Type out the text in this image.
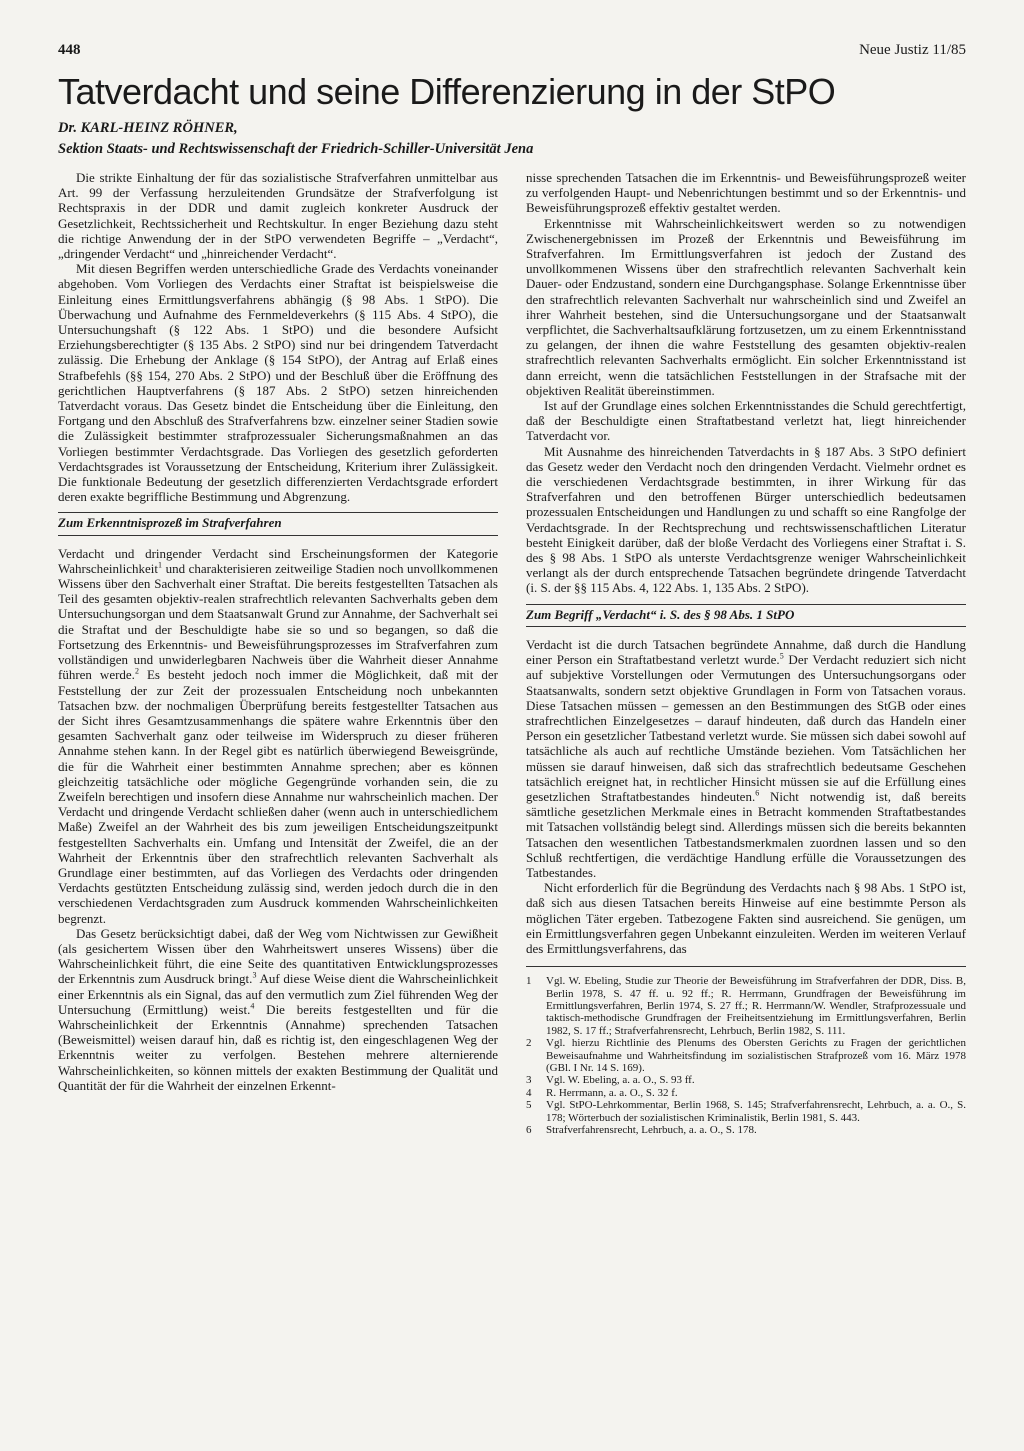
448	Neue Justiz 11/85
Tatverdacht und seine Differenzierung in der StPO
Dr. KARL-HEINZ RÖHNER,
Sektion Staats- und Rechtswissenschaft der Friedrich-Schiller-Universität Jena

Die strikte Einhaltung der für das sozialistische Strafverfahren unmittelbar aus Art. 99 der Verfassung herzuleitenden Grundsätze der Strafverfolgung ist Rechtspraxis in der DDR und damit zugleich konkreter Ausdruck der Gesetzlichkeit, Rechtssicherheit und Rechtskultur. In enger Beziehung dazu steht die richtige Anwendung der in der StPO verwendeten Begriffe – „Verdacht“, „dringender Verdacht“ und „hinreichender Verdacht“.

Mit diesen Begriffen werden unterschiedliche Grade des Verdachts voneinander abgehoben. Vom Vorliegen des Verdachts einer Straftat ist beispielsweise die Einleitung eines Ermittlungsverfahrens abhängig (§ 98 Abs. 1 StPO). Die Überwachung und Aufnahme des Fernmeldeverkehrs (§ 115 Abs. 4 StPO), die Untersuchungshaft (§ 122 Abs. 1 StPO) und die besondere Aufsicht Erziehungsberechtigter (§ 135 Abs. 2 StPO) sind nur bei dringendem Tatverdacht zulässig. Die Erhebung der Anklage (§ 154 StPO), der Antrag auf Erlaß eines Strafbefehls (§§ 154, 270 Abs. 2 StPO) und der Beschluß über die Eröffnung des gerichtlichen Hauptverfahrens (§ 187 Abs. 2 StPO) setzen hinreichenden Tatverdacht voraus. Das Gesetz bindet die Entscheidung über die Einleitung, den Fortgang und den Abschluß des Strafverfahrens bzw. einzelner seiner Stadien sowie die Zulässigkeit bestimmter strafprozessualer Sicherungsmaßnahmen an das Vorliegen bestimmter Verdachtsgrade. Das Vorliegen des gesetzlich geforderten Verdachtsgrades ist Voraussetzung der Entscheidung, Kriterium ihrer Zulässigkeit. Die funktionale Bedeutung der gesetzlich differenzierten Verdachtsgrade erfordert deren exakte begriffliche Bestimmung und Abgrenzung.

Zum Erkenntnisprozeß im Strafverfahren

Verdacht und dringender Verdacht sind Erscheinungsformen der Kategorie Wahrscheinlichkeit$^1$ und charakterisieren zeitweilige Stadien noch unvollkommenen Wissens über den Sachverhalt einer Straftat. Die bereits festgestellten Tatsachen als Teil des gesamten objektiv-realen strafrechtlich relevanten Sachverhalts geben dem Untersuchungsorgan und dem Staatsanwalt Grund zur Annahme, der Sachverhalt sei die Straftat und der Beschuldigte habe sie so und so begangen, so daß die Fortsetzung des Erkenntnis- und Beweisführungsprozesses im Strafverfahren zum vollständigen und unwiderlegbaren Nachweis über die Wahrheit dieser Annahme führen werde.$^2$ Es besteht jedoch noch immer die Möglichkeit, daß mit der Feststellung der zur Zeit der prozessualen Entscheidung noch unbekannten Tatsachen bzw. der nochmaligen Überprüfung bereits festgestellter Tatsachen aus der Sicht ihres Gesamtzusammenhangs die spätere wahre Erkenntnis über den gesamten Sachverhalt ganz oder teilweise im Widerspruch zu dieser früheren Annahme stehen kann. In der Regel gibt es natürlich überwiegend Beweisgründe, die für die Wahrheit einer bestimmten Annahme sprechen; aber es können gleichzeitig tatsächliche oder mögliche Gegengründe vorhanden sein, die zu Zweifeln berechtigen und insofern diese Annahme nur wahrscheinlich machen. Der Verdacht und dringende Verdacht schließen daher (wenn auch in unterschiedlichem Maße) Zweifel an der Wahrheit des bis zum jeweiligen Entscheidungszeitpunkt festgestellten Sachverhalts ein. Umfang und Intensität der Zweifel, die an der Wahrheit der Erkenntnis über den strafrechtlich relevanten Sachverhalt als Grundlage einer bestimmten, auf das Vorliegen des Verdachts oder dringenden Verdachts gestützten Entscheidung zulässig sind, werden jedoch durch die in den verschiedenen Verdachtsgraden zum Ausdruck kommenden Wahrscheinlichkeiten begrenzt.

Das Gesetz berücksichtigt dabei, daß der Weg vom Nichtwissen zur Gewißheit (als gesichertem Wissen über den Wahrheitswert unseres Wissens) über die Wahrscheinlichkeit führt, die eine Seite des quantitativen Entwicklungsprozesses der Erkenntnis zum Ausdruck bringt.$^3$ Auf diese Weise dient die Wahrscheinlichkeit einer Erkenntnis als ein Signal, das auf den vermutlich zum Ziel führenden Weg der Untersuchung (Ermittlung) weist.$^4$ Die bereits festgestellten und für die Wahrscheinlichkeit der Erkenntnis (Annahme) sprechenden Tatsachen (Beweismittel) weisen darauf hin, daß es richtig ist, den eingeschlagenen Weg der Erkenntnis weiter zu verfolgen. Bestehen mehrere alternierende Wahrscheinlichkeiten, so können mittels der exakten Bestimmung der Qualität und Quantität der für die Wahrheit der einzelnen Erkennt-

nisse sprechenden Tatsachen die im Erkenntnis- und Beweisführungsprozeß weiter zu verfolgenden Haupt- und Nebenrichtungen bestimmt und so der Erkenntnis- und Beweisführungsprozeß effektiv gestaltet werden.

Erkenntnisse mit Wahrscheinlichkeitswert werden so zu notwendigen Zwischenergebnissen im Prozeß der Erkenntnis und Beweisführung im Strafverfahren. Im Ermittlungsverfahren ist jedoch der Zustand des unvollkommenen Wissens über den strafrechtlich relevanten Sachverhalt kein Dauer- oder Endzustand, sondern eine Durchgangsphase. Solange Erkenntnisse über den strafrechtlich relevanten Sachverhalt nur wahrscheinlich sind und Zweifel an ihrer Wahrheit bestehen, sind die Untersuchungsorgane und der Staatsanwalt verpflichtet, die Sachverhaltsaufklärung fortzusetzen, um zu einem Erkenntnisstand zu gelangen, der ihnen die wahre Feststellung des gesamten objektiv-realen strafrechtlich relevanten Sachverhalts ermöglicht. Ein solcher Erkenntnisstand ist dann erreicht, wenn die tatsächlichen Feststellungen in der Strafsache mit der objektiven Realität übereinstimmen.

Ist auf der Grundlage eines solchen Erkenntnisstandes die Schuld gerechtfertigt, daß der Beschuldigte einen Straftatbestand verletzt hat, liegt hinreichender Tatverdacht vor.

Mit Ausnahme des hinreichenden Tatverdachts in § 187 Abs. 3 StPO definiert das Gesetz weder den Verdacht noch den dringenden Verdacht. Vielmehr ordnet es die verschiedenen Verdachtsgrade bestimmten, in ihrer Wirkung für das Strafverfahren und den betroffenen Bürger unterschiedlich bedeutsamen prozessualen Entscheidungen und Handlungen zu und schafft so eine Rangfolge der Verdachtsgrade. In der Rechtsprechung und rechtswissenschaftlichen Literatur besteht Einigkeit darüber, daß der bloße Verdacht des Vorliegens einer Straftat i. S. des § 98 Abs. 1 StPO als unterste Verdachtsgrenze weniger Wahrscheinlichkeit verlangt als der durch entsprechende Tatsachen begründete dringende Tatverdacht (i. S. der §§ 115 Abs. 4, 122 Abs. 1, 135 Abs. 2 StPO).

Zum Begriff „Verdacht“ i. S. des § 98 Abs. 1 StPO

Verdacht ist die durch Tatsachen begründete Annahme, daß durch die Handlung einer Person ein Straftatbestand verletzt wurde.$^5$ Der Verdacht reduziert sich nicht auf subjektive Vorstellungen oder Vermutungen des Untersuchungsorgans oder Staatsanwalts, sondern setzt objektive Grundlagen in Form von Tatsachen voraus. Diese Tatsachen müssen – gemessen an den Bestimmungen des StGB oder eines strafrechtlichen Einzelgesetzes – darauf hindeuten, daß durch das Handeln einer Person ein gesetzlicher Tatbestand verletzt wurde. Sie müssen sich dabei sowohl auf tatsächliche als auch auf rechtliche Umstände beziehen. Vom Tatsächlichen her müssen sie darauf hinweisen, daß sich das strafrechtlich bedeutsame Geschehen tatsächlich ereignet hat, in rechtlicher Hinsicht müssen sie auf die Erfüllung eines gesetzlichen Straftatbestandes hindeuten.$^6$ Nicht notwendig ist, daß bereits sämtliche gesetzlichen Merkmale eines in Betracht kommenden Straftatbestandes mit Tatsachen vollständig belegt sind. Allerdings müssen sich die bereits bekannten Tatsachen den wesentlichen Tatbestandsmerkmalen zuordnen lassen und so den Schluß rechtfertigen, die verdächtige Handlung erfülle die Voraussetzungen des Tatbestandes.

Nicht erforderlich für die Begründung des Verdachts nach § 98 Abs. 1 StPO ist, daß sich aus diesen Tatsachen bereits Hinweise auf eine bestimmte Person als möglichen Täter ergeben. Tatbezogene Fakten sind ausreichend. Sie genügen, um ein Ermittlungsverfahren gegen Unbekannt einzuleiten. Werden im weiteren Verlauf des Ermittlungsverfahrens, das

1	Vgl. W. Ebeling, Studie zur Theorie der Beweisführung im Strafverfahren der DDR, Diss. B, Berlin 1978, S. 47 ff. u. 92 ff.; R. Herrmann, Grundfragen der Beweisführung im Ermittlungsverfahren, Berlin 1974, S. 27 ff.; R. Herrmann/W. Wendler, Strafprozessuale und taktisch-methodische Grundfragen der Freiheitsentziehung im Ermittlungsverfahren, Berlin 1982, S. 17 ff.; Strafverfahrensrecht, Lehrbuch, Berlin 1982, S. 111.
2	Vgl. hierzu Richtlinie des Plenums des Obersten Gerichts zu Fragen der gerichtlichen Beweisaufnahme und Wahrheitsfindung im sozialistischen Strafprozeß vom 16. März 1978 (GBl. I Nr. 14 S. 169).
3	Vgl. W. Ebeling, a. a. O., S. 93 ff.
4	R. Herrmann, a. a. O., S. 32 f.
5	Vgl. StPO-Lehrkommentar, Berlin 1968, S. 145; Strafverfahrensrecht, Lehrbuch, a. a. O., S. 178; Wörterbuch der sozialistischen Kriminalistik, Berlin 1981, S. 443.
6	Strafverfahrensrecht, Lehrbuch, a. a. O., S. 178.
